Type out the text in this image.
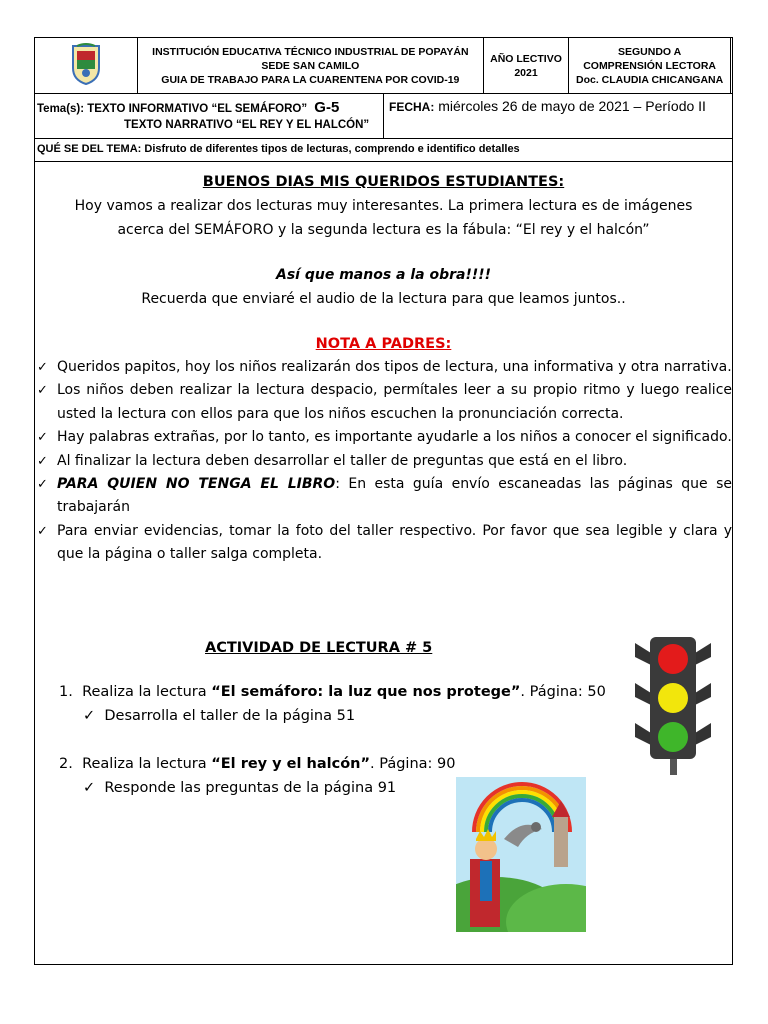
INSTITUCIÓN EDUCATIVA TÉCNICO INDUSTRIAL DE POPAYÁN
SEDE SAN CAMILO
GUIA DE TRABAJO PARA LA CUARENTENA POR COVID-19

AÑO LECTIVO
2021

SEGUNDO A
COMPRENSIÓN LECTORA
Doc. CLAUDIA CHICANGANA
Tema(s): TEXTO INFORMATIVO “EL SEMÁFORO” G-5
TEXTO NARRATIVO “EL REY Y EL HALCÓN”
FECHA: miércoles 26 de mayo de 2021 – Período II
QUÉ SE DEL TEMA: Disfruto de diferentes tipos de lecturas, comprendo e identifico detalles
BUENOS DIAS MIS QUERIDOS ESTUDIANTES:
Hoy vamos a realizar dos lecturas muy interesantes. La primera lectura es de imágenes
acerca del SEMÁFORO y la segunda lectura es la fábula: “El rey y el halcón”
Así que manos a la obra!!!!
Recuerda que enviaré el audio de la lectura para que leamos juntos..
NOTA A PADRES:
✓ Queridos papitos, hoy los niños realizarán dos tipos de lectura, una informativa y otra narrativa.
✓ Los niños deben realizar la lectura despacio, permítales leer a su propio ritmo y luego realice usted la lectura con ellos para que los niños escuchen la pronunciación correcta.
✓ Hay palabras extrañas, por lo tanto, es importante ayudarle a los niños a conocer el significado.
✓ Al finalizar la lectura deben desarrollar el taller de preguntas que está en el libro.
✓ PARA QUIEN NO TENGA EL LIBRO: En esta guía envío escaneadas las páginas que se trabajarán
✓ Para enviar evidencias, tomar la foto del taller respectivo. Por favor que sea legible y clara y que la página o taller salga completa.
ACTIVIDAD DE LECTURA # 5
1. Realiza la lectura “El semáforo: la luz que nos protege”. Página: 50
✓ Desarrolla el taller de la página 51
2. Realiza la lectura “El rey y el halcón”. Página: 90
✓ Responde las preguntas de la página 91
